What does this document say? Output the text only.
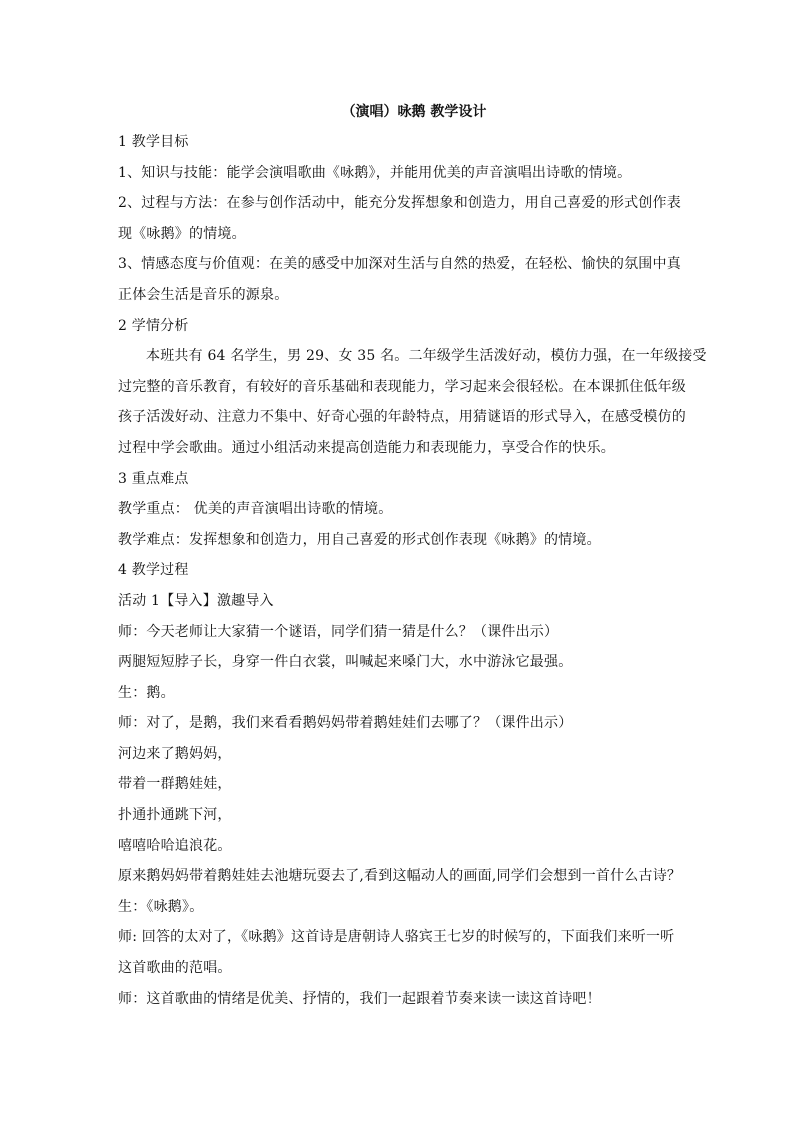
（演唱）咏鹅 教学设计
1 教学目标
1、知识与技能：能学会演唱歌曲《咏鹅》，并能用优美的声音演唱出诗歌的情境。
2、过程与方法：在参与创作活动中，能充分发挥想象和创造力，用自己喜爱的形式创作表
现《咏鹅》的情境。
3、情感态度与价值观：在美的感受中加深对生活与自然的热爱，在轻松、愉快的氛围中真
正体会生活是音乐的源泉。
2 学情分析
本班共有 64 名学生，男 29、女 35 名。二年级学生活泼好动，模仿力强，在一年级接受
过完整的音乐教育，有较好的音乐基础和表现能力，学习起来会很轻松。在本课抓住低年级
孩子活泼好动、注意力不集中、好奇心强的年龄特点，用猜谜语的形式导入，在感受模仿的
过程中学会歌曲。通过小组活动来提高创造能力和表现能力，享受合作的快乐。
3 重点难点
教学重点： 优美的声音演唱出诗歌的情境。
教学难点：发挥想象和创造力，用自己喜爱的形式创作表现《咏鹅》的情境。
4 教学过程
活动 1【导入】激趣导入
师：今天老师让大家猜一个谜语，同学们猜一猜是什么？（课件出示）
两腿短短脖子长，身穿一件白衣裳，叫喊起来嗓门大，水中游泳它最强。
生：鹅。
师：对了，是鹅，我们来看看鹅妈妈带着鹅娃娃们去哪了？（课件出示）
河边来了鹅妈妈，
带着一群鹅娃娃，
扑通扑通跳下河，
嘻嘻哈哈追浪花。
原来鹅妈妈带着鹅娃娃去池塘玩耍去了,看到这幅动人的画面,同学们会想到一首什么古诗？
生：《咏鹅》。
师: 回答的太对了，《咏鹅》这首诗是唐朝诗人骆宾王七岁的时候写的，下面我们来听一听
这首歌曲的范唱。
师：这首歌曲的情绪是优美、抒情的，我们一起跟着节奏来读一读这首诗吧！
